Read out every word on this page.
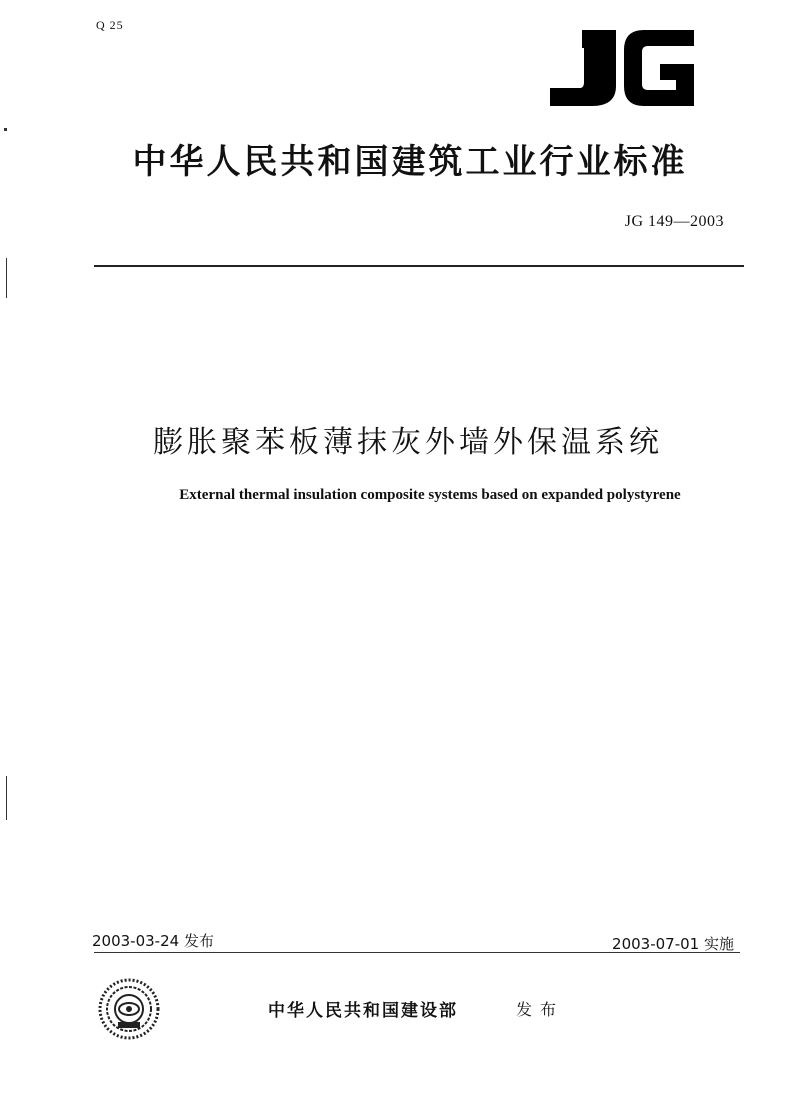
Q 25
中华人民共和国建筑工业行业标准
JG 149—2003
膨胀聚苯板薄抹灰外墙外保温系统
External thermal insulation composite systems based on expanded polystyrene
2003-03-24 发布	2003-07-01 实施
中华人民共和国建设部	发布
